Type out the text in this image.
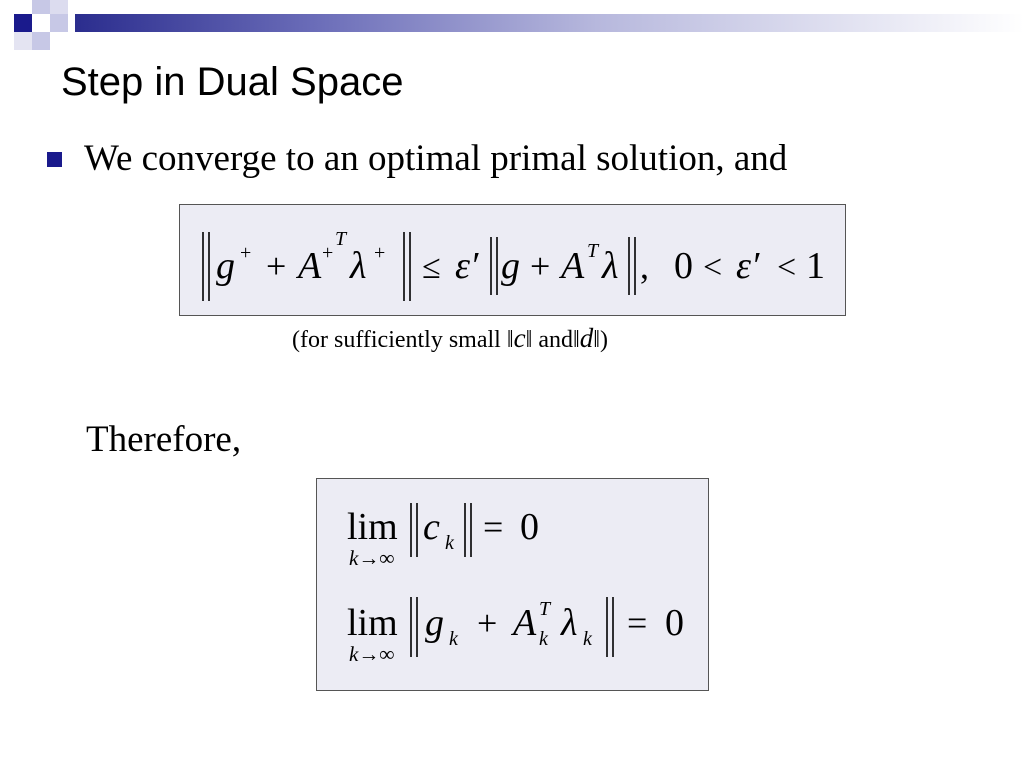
Step in Dual Space
We converge to an optimal primal solution, and
g + + A +
T
λ + ≤ ε′ g + A T λ , 0 < ε′ < 1
(for sufficiently small ‖c‖ and‖d‖)
Therefore,
lim
k→∞
c k = 0
lim
k→∞
g k + A T
k λ k = 0
